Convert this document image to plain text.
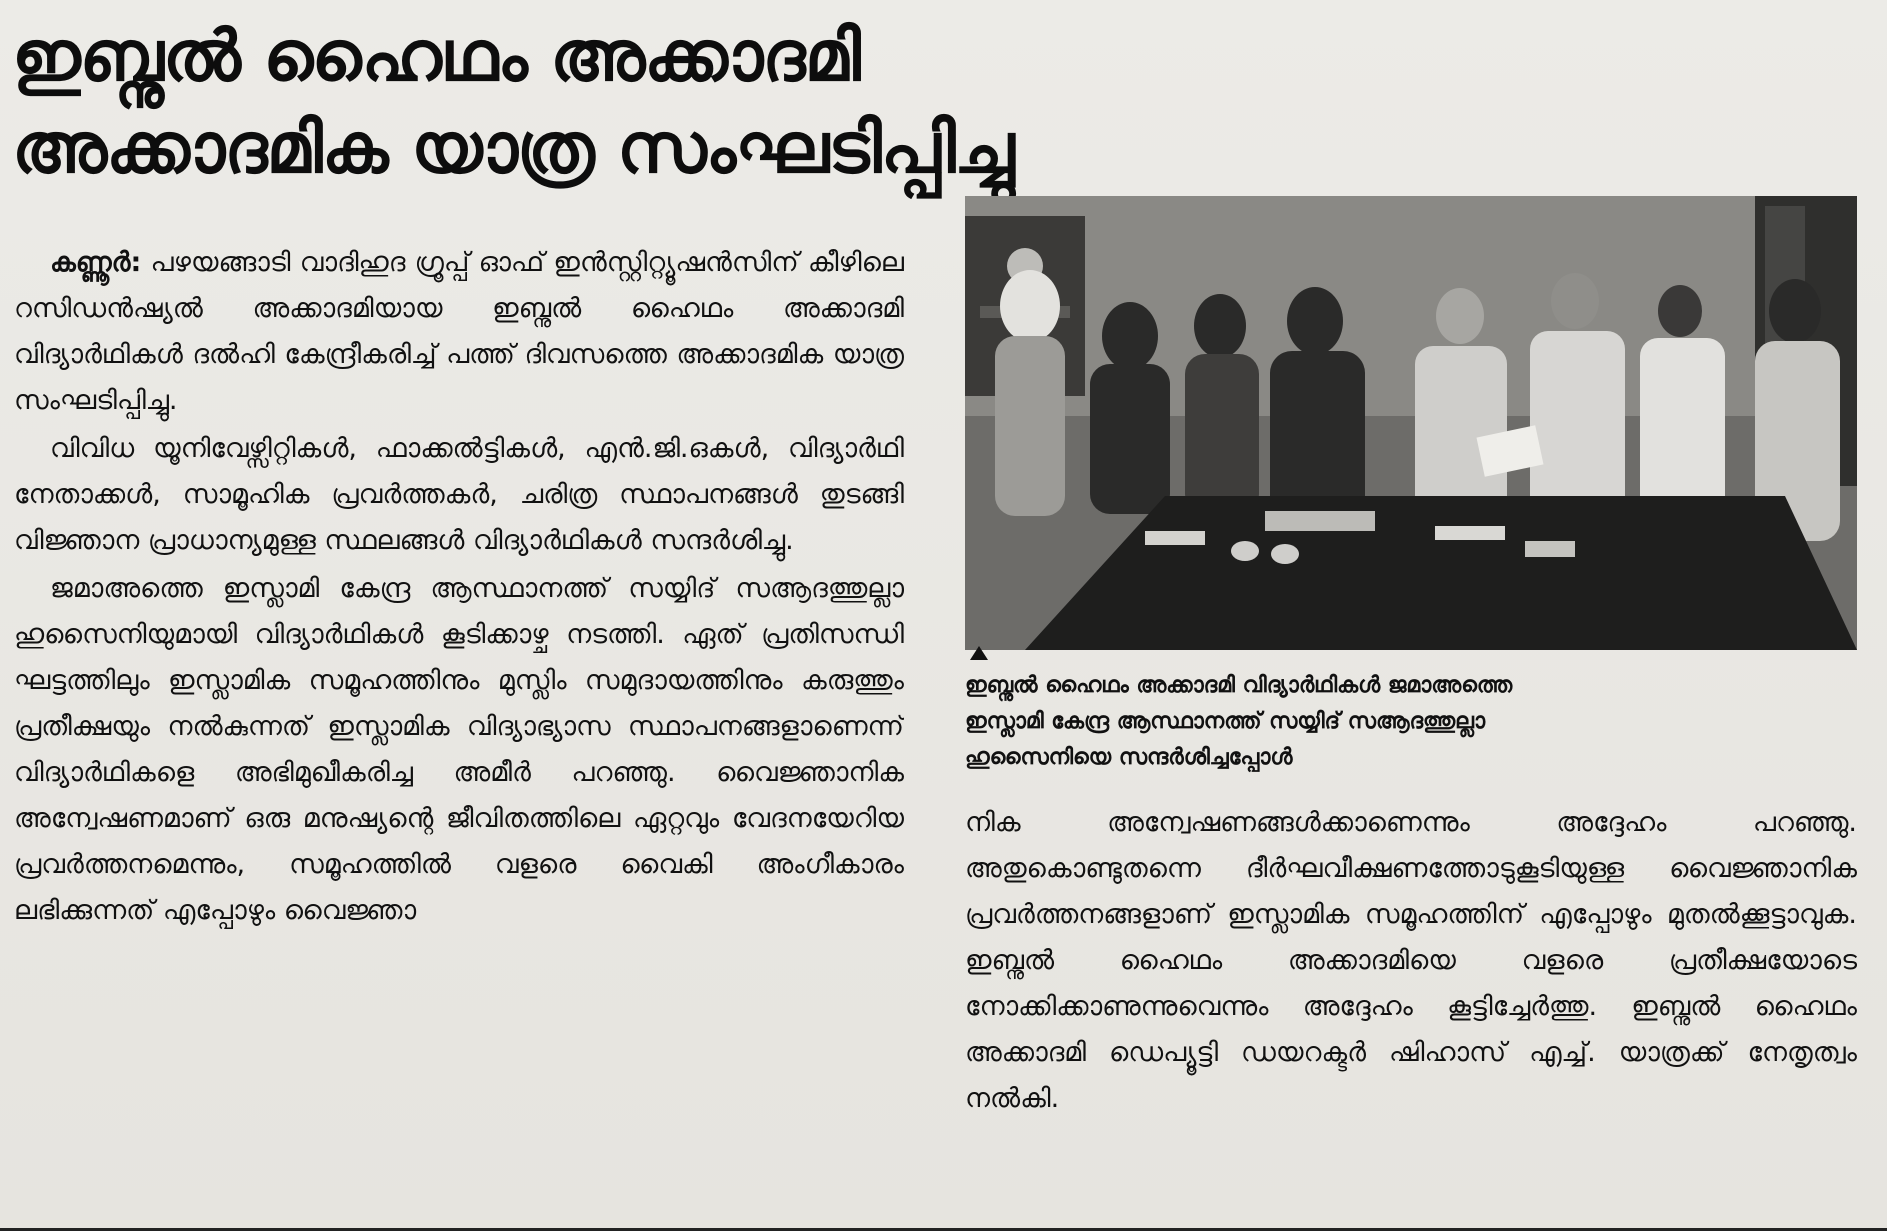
ഇബ്നുൽ ഹൈഥം അക്കാദമി
അക്കാദമിക യാത്ര സംഘടിപ്പിച്ചു

കണ്ണൂർ: പഴയങ്ങാടി വാദിഹുദ ഗ്രൂപ്പ് ഓഫ് ഇൻസ്റ്റിറ്റ്യൂഷൻസിന് കീഴിലെ റസിഡൻഷ്യൽ അക്കാദമിയായ ഇബ്നുൽ ഹൈഥം അക്കാദമി വിദ്യാർഥികൾ ദൽഹി കേന്ദ്രീകരിച്ച് പത്ത് ദിവസത്തെ അക്കാദമിക യാത്ര സംഘടിപ്പിച്ചു.

വിവിധ യൂനിവേഴ്സിറ്റികൾ, ഫാക്കൽട്ടികൾ, എൻ.ജി.ഒകൾ, വിദ്യാർഥി നേതാക്കൾ, സാമൂഹിക പ്രവർത്തകർ, ചരിത്ര സ്ഥാപനങ്ങൾ തുടങ്ങി വിജ്ഞാന പ്രാധാന്യമുള്ള സ്ഥലങ്ങൾ വിദ്യാർഥികൾ സന്ദർശിച്ചു.

ജമാഅത്തെ ഇസ്ലാമി കേന്ദ്ര ആസ്ഥാനത്ത് സയ്യിദ് സആദത്തുല്ലാ ഹുസൈനിയുമായി വിദ്യാർഥികൾ കൂടിക്കാഴ്ച നടത്തി. ഏത് പ്രതിസന്ധി ഘട്ടത്തിലും ഇസ്ലാമിക സമൂഹത്തിനും മുസ്ലിം സമുദായത്തിനും കരുത്തും പ്രതീക്ഷയും നൽകുന്നത് ഇസ്ലാമിക വിദ്യാഭ്യാസ സ്ഥാപനങ്ങളാണെന്ന് വിദ്യാർഥികളെ അഭിമുഖീകരിച്ച അമീർ പറഞ്ഞു. വൈജ്ഞാനിക അന്വേഷണമാണ് ഒരു മനുഷ്യന്റെ ജീവിതത്തിലെ ഏറ്റവും വേദനയേറിയ പ്രവർത്തനമെന്നും, സമൂഹത്തിൽ വളരെ വൈകി അംഗീകാരം ലഭിക്കുന്നത് എപ്പോഴും വൈജ്ഞാ

ഇബ്നുൽ ഹൈഥം അക്കാദമി വിദ്യാർഥികൾ ജമാഅത്തെ
ഇസ്ലാമി കേന്ദ്ര ആസ്ഥാനത്ത് സയ്യിദ് സആദത്തുല്ലാ
ഹുസൈനിയെ സന്ദർശിച്ചപ്പോൾ

നിക അന്വേഷണങ്ങൾക്കാണെന്നും അദ്ദേഹം പറഞ്ഞു. അതുകൊണ്ടുതന്നെ ദീർഘവീക്ഷണത്തോടുകൂടിയുള്ള വൈജ്ഞാനിക പ്രവർത്തനങ്ങളാണ് ഇസ്ലാമിക സമൂഹത്തിന് എപ്പോഴും മുതൽക്കൂട്ടാവുക. ഇബ്നുൽ ഹൈഥം അക്കാദമിയെ വളരെ പ്രതീക്ഷയോടെ നോക്കിക്കാണുന്നുവെന്നും അദ്ദേഹം കൂട്ടിച്ചേർത്തു. ഇബ്നുൽ ഹൈഥം അക്കാദമി ഡെപ്യൂട്ടി ഡയറക്ടർ ഷിഹാസ് എച്ച്. യാത്രക്ക് നേതൃത്വം നൽകി.
